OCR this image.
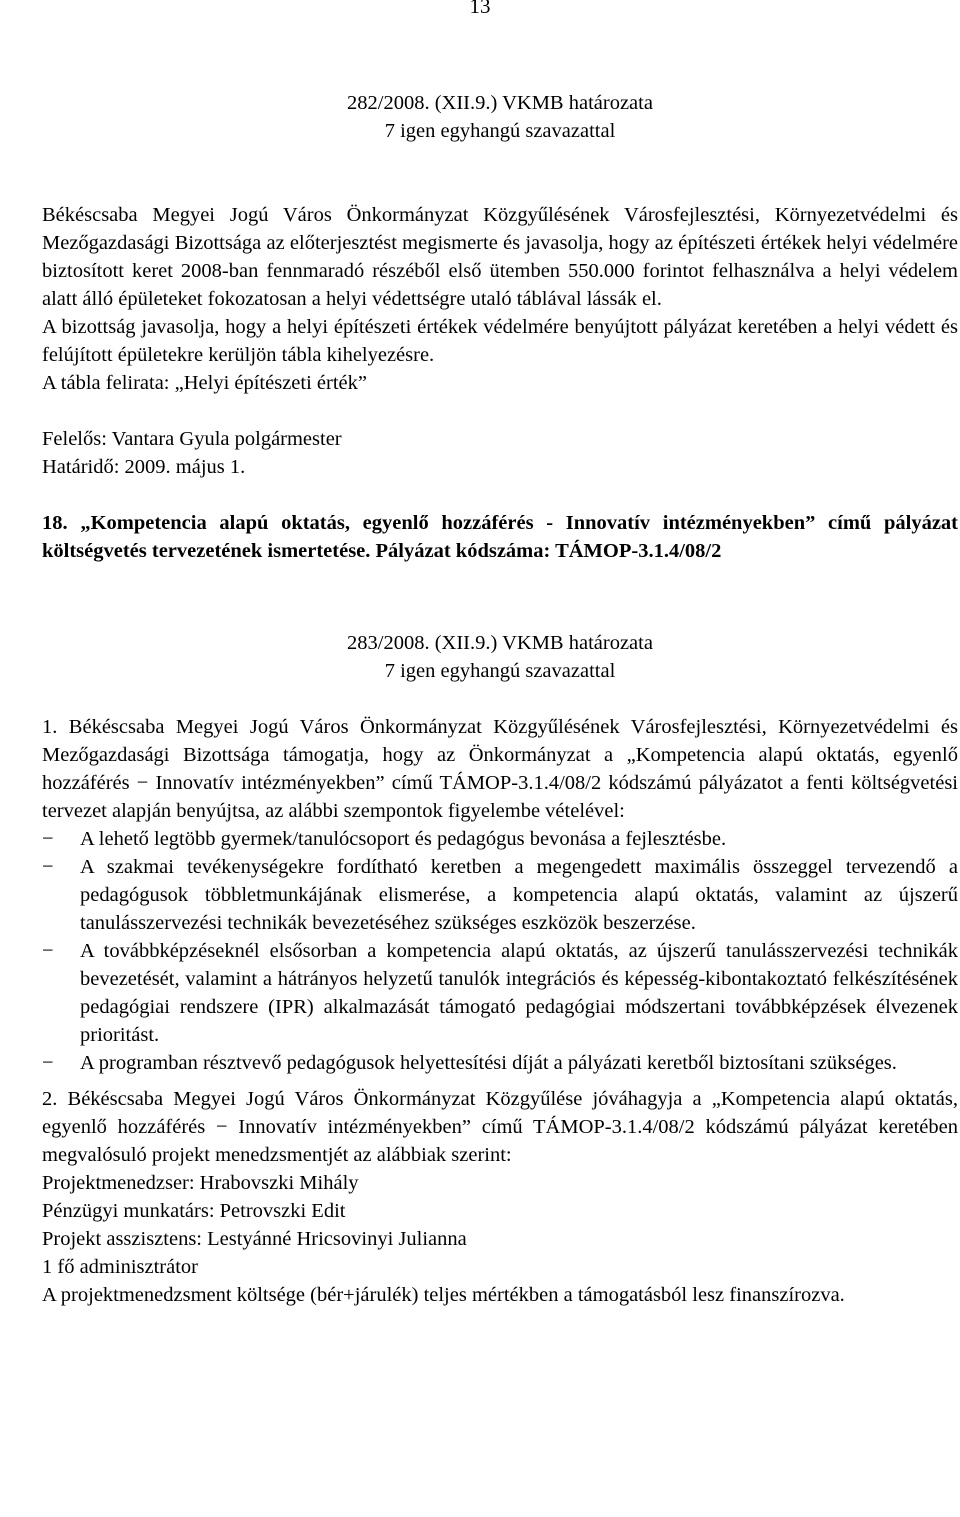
13
282/2008. (XII.9.) VKMB határozata
7 igen egyhangú szavazattal

Békéscsaba Megyei Jogú Város Önkormányzat Közgyűlésének Városfejlesztési, Környezetvédelmi és Mezőgazdasági Bizottsága az előterjesztést megismerte és javasolja, hogy az építészeti értékek helyi védelmére biztosított keret 2008-ban fennmaradó részéből első ütemben 550.000 forintot felhasználva a helyi védelem alatt álló épületeket fokozatosan a helyi védettségre utaló táblával lássák el.

A bizottság javasolja, hogy a helyi építészeti értékek védelmére benyújtott pályázat keretében a helyi védett és felújított épületekre kerüljön tábla kihelyezésre.

A tábla felirata: „Helyi építészeti érték”

Felelős: Vantara Gyula polgármester

Határidő: 2009. május 1.

18. „Kompetencia alapú oktatás, egyenlő hozzáférés - Innovatív intézményekben” című pályázat költségvetés tervezetének ismertetése. Pályázat kódszáma: TÁMOP-3.1.4/08/2

283/2008. (XII.9.) VKMB határozata
7 igen egyhangú szavazattal

1. Békéscsaba Megyei Jogú Város Önkormányzat Közgyűlésének Városfejlesztési, Környezetvédelmi és Mezőgazdasági Bizottsága támogatja, hogy az Önkormányzat a „Kompetencia alapú oktatás, egyenlő hozzáférés − Innovatív intézményekben” című TÁMOP-3.1.4/08/2 kódszámú pályázatot a fenti költségvetési tervezet alapján benyújtsa, az alábbi szempontok figyelembe vételével:

− A lehető legtöbb gyermek/tanulócsoport és pedagógus bevonása a fejlesztésbe.
− A szakmai tevékenységekre fordítható keretben a megengedett maximális összeggel tervezendő a pedagógusok többletmunkájának elismerése, a kompetencia alapú oktatás, valamint az újszerű tanulásszervezési technikák bevezetéséhez szükséges eszközök beszerzése.
− A továbbképzéseknél elsősorban a kompetencia alapú oktatás, az újszerű tanulásszervezési technikák bevezetését, valamint a hátrányos helyzetű tanulók integrációs és képesség-kibontakoztató felkészítésének pedagógiai rendszere (IPR) alkalmazását támogató pedagógiai módszertani továbbképzések élvezenek prioritást.
− A programban résztvevő pedagógusok helyettesítési díját a pályázati keretből biztosítani szükséges.

2. Békéscsaba Megyei Jogú Város Önkormányzat Közgyűlése jóváhagyja a „Kompetencia alapú oktatás, egyenlő hozzáférés − Innovatív intézményekben” című TÁMOP-3.1.4/08/2 kódszámú pályázat keretében megvalósuló projekt menedzsmentjét az alábbiak szerint:

Projektmenedzser: Hrabovszki Mihály

Pénzügyi munkatárs: Petrovszki Edit

Projekt asszisztens: Lestyánné Hricsovinyi Julianna

1 fő adminisztrátor

A projektmenedzsment költsége (bér+járulék) teljes mértékben a támogatásból lesz finanszírozva.
